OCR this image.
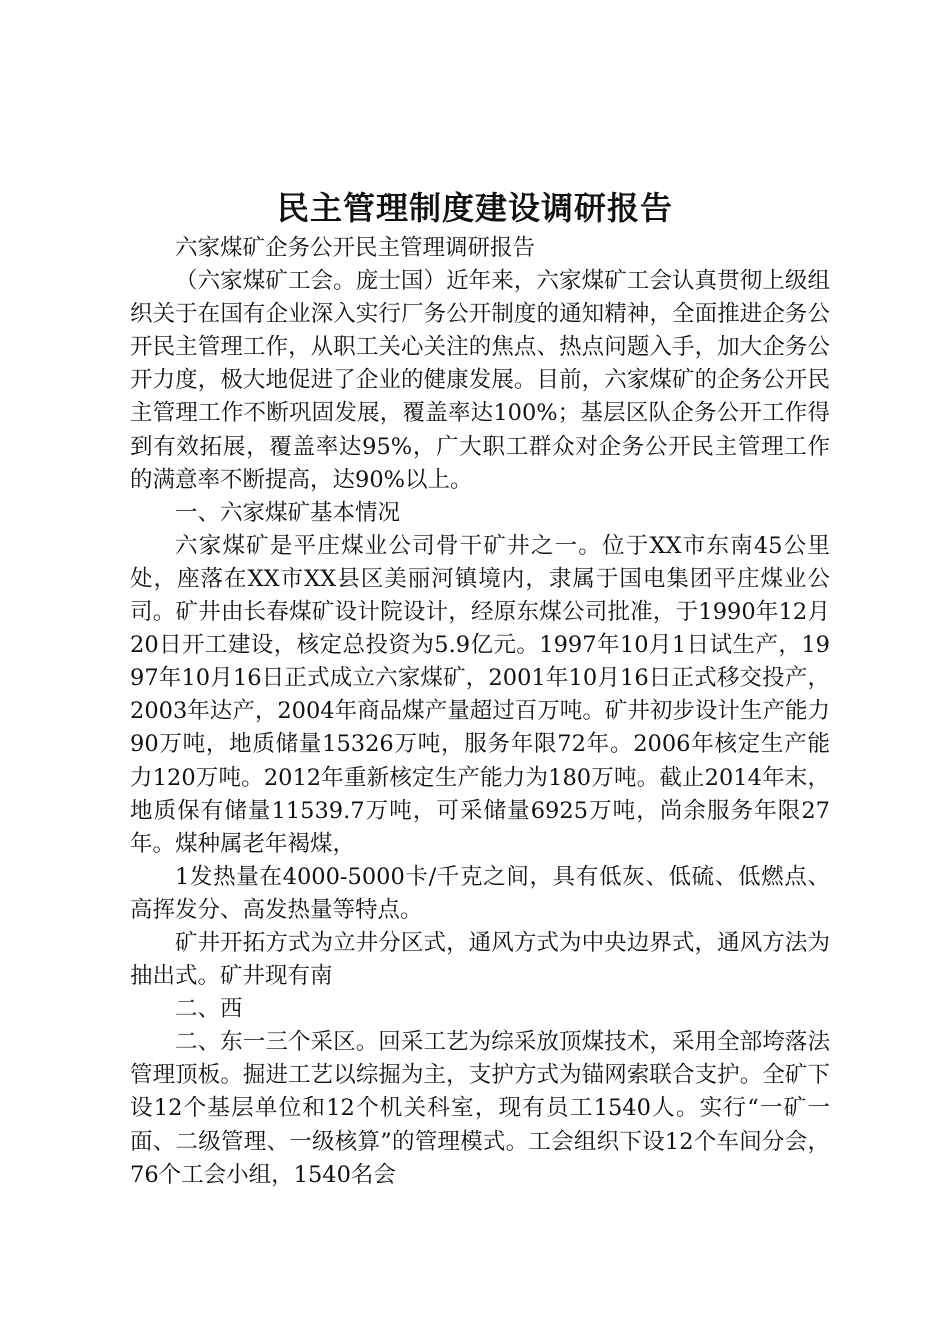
民主管理制度建设调研报告

六家煤矿企务公开民主管理调研报告

（六家煤矿工会。庞士国）近年来，六家煤矿工会认真贯彻上级组织关于在国有企业深入实行厂务公开制度的通知精神，全面推进企务公开民主管理工作，从职工关心关注的焦点、热点问题入手，加大企务公开力度，极大地促进了企业的健康发展。目前，六家煤矿的企务公开民主管理工作不断巩固发展，覆盖率达100%；基层区队企务公开工作得到有效拓展，覆盖率达95%，广大职工群众对企务公开民主管理工作的满意率不断提高，达90%以上。

一、六家煤矿基本情况

六家煤矿是平庄煤业公司骨干矿井之一。位于XX市东南45公里处，座落在XX市XX县区美丽河镇境内，隶属于国电集团平庄煤业公司。矿井由长春煤矿设计院设计，经原东煤公司批准，于1990年12月20日开工建设，核定总投资为5.9亿元。1997年10月1日试生产，1997年10月16日正式成立六家煤矿，2001年10月16日正式移交投产，2003年达产，2004年商品煤产量超过百万吨。矿井初步设计生产能力90万吨，地质储量15326万吨，服务年限72年。2006年核定生产能力120万吨。2012年重新核定生产能力为180万吨。截止2014年末，地质保有储量11539.7万吨，可采储量6925万吨，尚余服务年限27年。煤种属老年褐煤，

1发热量在4000-5000卡/千克之间，具有低灰、低硫、低燃点、高挥发分、高发热量等特点。

矿井开拓方式为立井分区式，通风方式为中央边界式，通风方法为抽出式。矿井现有南

二、西

二、东一三个采区。回采工艺为综采放顶煤技术，采用全部垮落法管理顶板。掘进工艺以综掘为主，支护方式为锚网索联合支护。全矿下设12个基层单位和12个机关科室，现有员工1540人。实行“一矿一面、二级管理、一级核算”的管理模式。工会组织下设12个车间分会，76个工会小组，1540名会
